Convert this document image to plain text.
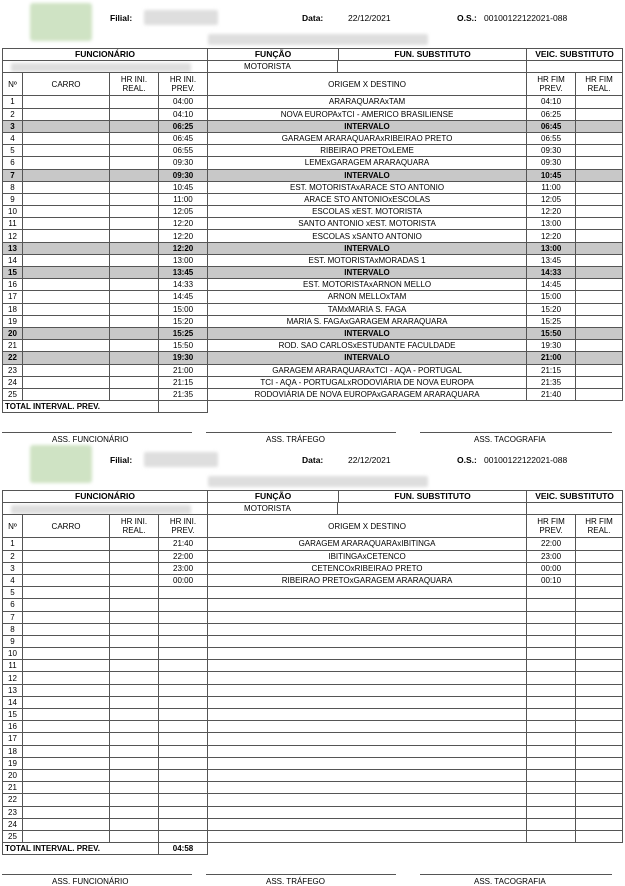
Filial:	Data:	22/12/2021	O.S.: 00100122122021-088
FUNCIONÁRIO				FUNÇÃO FUN. SUBSTITUTO	VEIC. SUBSTITUTO	

				MOTORISTA		

Nº	CARRO	HR INI. REAL.	HR INI. PREV.	ORIGEM X DESTINO	HR FIM PREV.	HR FIM REAL.
1			04:00	ARARAQUARAxTAM	04:10	
2			04:10	NOVA EUROPAxTCI - AMERICO BRASILIENSE	06:25	
3			06:25	INTERVALO	06:45	
4			06:45	GARAGEM ARARAQUARAxRIBEIRAO PRETO	06:55	
5			06:55	RIBEIRAO PRETOxLEME	09:30	
6			09:30	LEMExGARAGEM ARARAQUARA	09:30	
7			09:30	INTERVALO	10:45	
8			10:45	EST. MOTORISTAxARACE STO ANTONIO	11:00	
9			11:00	ARACE STO ANTONIOxESCOLAS	12:05	
10			12:05	ESCOLAS xEST. MOTORISTA	12:20	
11			12:20	SANTO ANTONIO xEST. MOTORISTA	13:00	
12			12:20	ESCOLAS xSANTO ANTONIO	12:20	
13			12:20	INTERVALO	13:00	
14			13:00	EST. MOTORISTAxMORADAS 1	13:45	
15			13:45	INTERVALO	14:33	
16			14:33	EST. MOTORISTAxARNON MELLO	14:45	
17			14:45	ARNON MELLOxTAM	15:00	
18			15:00	TAMxMARIA S. FAGA	15:20	
19			15:20	MARIA S. FAGAxGARAGEM ARARAQUARA	15:25	
20			15:25	INTERVALO	15:50	
21			15:50	ROD. SAO CARLOSxESTUDANTE FACULDADE	19:30	
22			19:30	INTERVALO	21:00	
23			21:00	GARAGEM ARARAQUARAxTCI - AQA - PORTUGAL	21:15	
24			21:15	TCI - AQA - PORTUGALxRODOVIÁRIA DE NOVA EUROPA	21:35	
25			21:35	RODOVIÁRIA DE NOVA EUROPAxGARAGEM ARARAQUARA	21:40	
TOTAL INTERVAL. PREV.						
ASS. FUNCIONÁRIO	ASS. TRÁFEGO	ASS. TACOGRAFIA
Filial:	Data:	22/12/2021	O.S.: 00100122122021-088
FUNCIONÁRIO				FUNÇÃO FUN. SUBSTITUTO	VEIC. SUBSTITUTO	

				MOTORISTA		

Nº	CARRO	HR INI. REAL.	HR INI. PREV.	ORIGEM X DESTINO	HR FIM PREV.	HR FIM REAL.
1			21:40	GARAGEM ARARAQUARAxIBITINGA	22:00	
2			22:00	IBITINGAxCETENCO	23:00	
3			23:00	CETENCOxRIBEIRAO PRETO	00:00	
4			00:00	RIBEIRAO PRETOxGARAGEM ARARAQUARA	00:10	
5						
6						
7						
8						
9						
10						
11						
12						
13						
14						
15						
16						
17						
18						
19						
20						
21						
22						
23						
24						
25						
TOTAL INTERVAL. PREV.			04:58			
ASS. FUNCIONÁRIO	ASS. TRÁFEGO	ASS. TACOGRAFIA
